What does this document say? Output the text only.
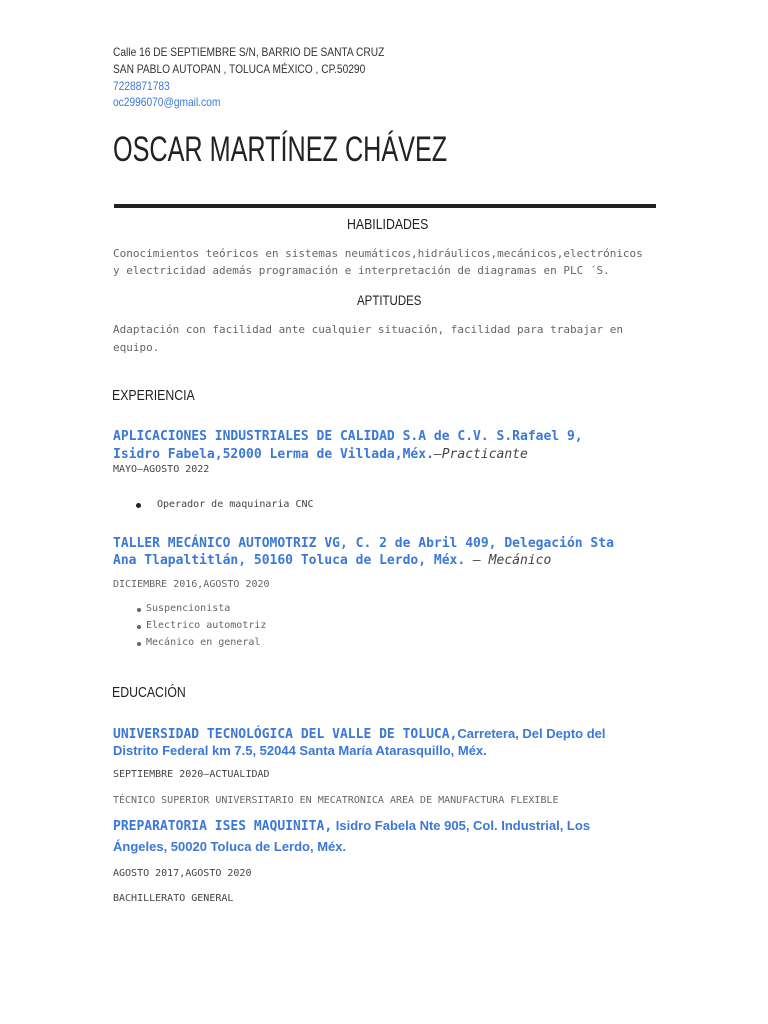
Calle 16 DE SEPTIEMBRE S/N, BARRIO DE SANTA CRUZ
SAN PABLO AUTOPAN , TOLUCA MÉXICO , CP.50290
7228871783
oc2996070@gmail.com
OSCAR MARTÍNEZ CHÁVEZ
HABILIDADES
Conocimientos teóricos en sistemas neumáticos,hidráulicos,mecánicos,electrónicos
y electricidad además programación e interpretación de diagramas en PLC ´S.
APTITUDES
Adaptación con facilidad ante cualquier situación, facilidad para trabajar en
equipo.
EXPERIENCIA
APLICACIONES INDUSTRIALES DE CALIDAD S.A de C.V. S.Rafael 9,
Isidro Fabela,52000 Lerma de Villada,Méx.–Practicante
MAYO–AGOSTO 2022
Operador de maquinaria CNC
TALLER MECÁNICO AUTOMOTRIZ VG, C. 2 de Abril 409, Delegación Sta
Ana Tlapaltitlán, 50160 Toluca de Lerdo, Méx. — Mecánico
DICIEMBRE 2016,AGOSTO 2020
Suspencionista
Electrico automotriz
Mecánico en general
EDUCACIÓN
UNIVERSIDAD TECNOLÓGICA DEL VALLE DE TOLUCA,Carretera, Del Depto del
Distrito Federal km 7.5, 52044 Santa María Atarasquillo, Méx.
SEPTIEMBRE 2020–ACTUALIDAD
TÉCNICO SUPERIOR UNIVERSITARIO EN MECATRONICA AREA DE MANUFACTURA FLEXIBLE
PREPARATORIA ISES MAQUINITA, Isidro Fabela Nte 905, Col. Industrial, Los
Ángeles, 50020 Toluca de Lerdo, Méx.
AGOSTO 2017,AGOSTO 2020
BACHILLERATO GENERAL
